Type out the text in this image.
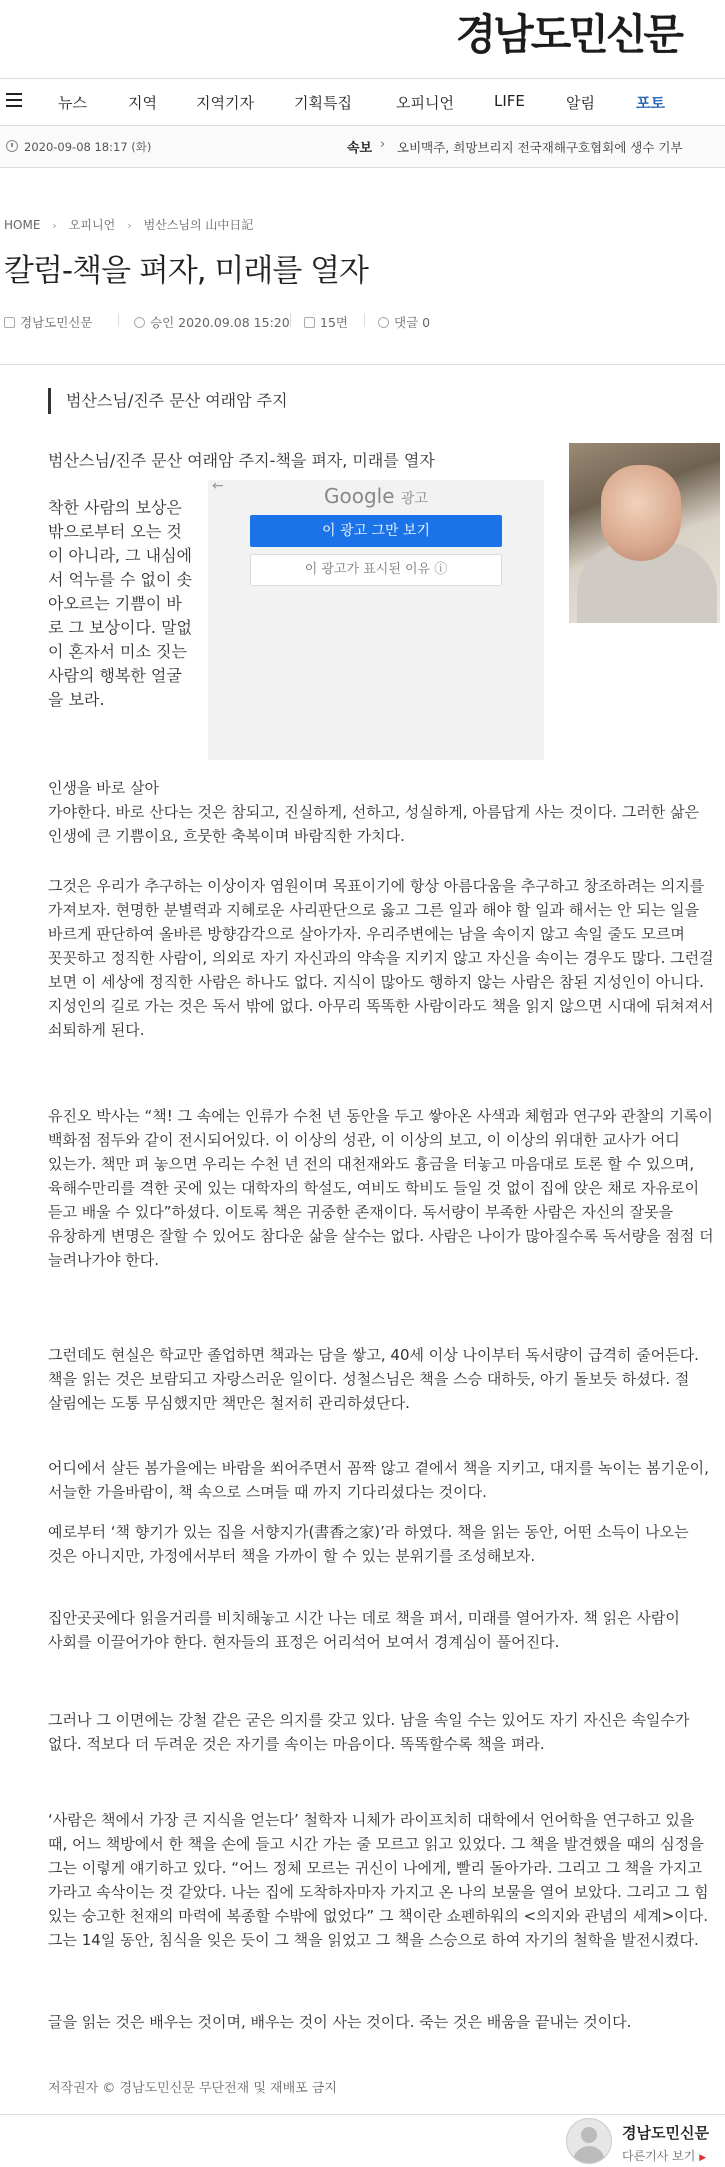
경남도민신문
뉴스	지역	지역기자	기획특집	오피니언	LIFE	알림	포토
2020-09-08 18:17 (화)	속보 › 오비맥주, 희망브리지 전국재해구호협회에 생수 기부
HOME › 오피니언 › 범산스님의 山中日記
칼럼-책을 펴자, 미래를 열자
경남도민신문	승인 2020.09.08 15:20	15면	댓글 0
범산스님/진주 문산 여래암 주지
범산스님/진주 문산 여래암 주지-책을 펴자, 미래를 열자
착한 사람의 보상은 밖으로부터 오는 것이 아니라, 그 내심에서 억누를 수 없이 솟아오르는 기쁨이 바로 그 보상이다. 말없이 혼자서 미소 짓는 사람의 행복한 얼굴을 보라.
←	Google 광고
이 광고 그만 보기
이 광고가 표시된 이유 ⓘ
인생을 바로 살아
가야한다. 바로 산다는 것은 참되고, 진실하게, 선하고, 성실하게, 아름답게 사는 것이다. 그러한 삶은 인생에 큰 기쁨이요, 흐뭇한 축복이며 바람직한 가치다.
그것은 우리가 추구하는 이상이자 염원이며 목표이기에 항상 아름다움을 추구하고 창조하려는 의지를 가져보자. 현명한 분별력과 지혜로운 사리판단으로 옳고 그른 일과 해야 할 일과 해서는 안 되는 일을 바르게 판단하여 올바른 방향감각으로 살아가자. 우리주변에는 남을 속이지 않고 속일 줄도 모르며 꼿꼿하고 정직한 사람이, 의외로 자기 자신과의 약속을 지키지 않고 자신을 속이는 경우도 많다. 그런걸 보면 이 세상에 정직한 사람은 하나도 없다. 지식이 많아도 행하지 않는 사람은 참된 지성인이 아니다. 지성인의 길로 가는 것은 독서 밖에 없다. 아무리 똑똑한 사람이라도 책을 읽지 않으면 시대에 뒤쳐져서 쇠퇴하게 된다.
유진오 박사는 “책! 그 속에는 인류가 수천 년 동안을 두고 쌓아온 사색과 체험과 연구와 관찰의 기록이 백화점 점두와 같이 전시되어있다. 이 이상의 성관, 이 이상의 보고, 이 이상의 위대한 교사가 어디 있는가. 책만 펴 놓으면 우리는 수천 년 전의 대천재와도 흉금을 터놓고 마음대로 토론 할 수 있으며, 육해수만리를 격한 곳에 있는 대학자의 학설도, 여비도 학비도 들일 것 없이 집에 앉은 채로 자유로이 듣고 배울 수 있다”하셨다. 이토록 책은 귀중한 존재이다. 독서량이 부족한 사람은 자신의 잘못을 유창하게 변명은 잘할 수 있어도 참다운 삶을 살수는 없다. 사람은 나이가 많아질수록 독서량을 점점 더 늘려나가야 한다.
그런데도 현실은 학교만 졸업하면 책과는 담을 쌓고, 40세 이상 나이부터 독서량이 급격히 줄어든다. 책을 읽는 것은 보람되고 자랑스러운 일이다. 성철스님은 책을 스승 대하듯, 아기 돌보듯 하셨다. 절 살림에는 도통 무심했지만 책만은 철저히 관리하셨단다.
어디에서 살든 봄가을에는 바람을 쐬어주면서 꼼짝 않고 곁에서 책을 지키고, 대지를 녹이는 봄기운이, 서늘한 가을바람이, 책 속으로 스며들 때 까지 기다리셨다는 것이다.
예로부터 ‘책 향기가 있는 집을 서향지가(書香之家)’라 하였다. 책을 읽는 동안, 어떤 소득이 나오는 것은 아니지만, 가정에서부터 책을 가까이 할 수 있는 분위기를 조성해보자.
집안곳곳에다 읽을거리를 비치해놓고 시간 나는 데로 책을 펴서, 미래를 열어가자. 책 읽은 사람이 사회를 이끌어가야 한다. 현자들의 표정은 어리석어 보여서 경계심이 풀어진다.
그러나 그 이면에는 강철 같은 굳은 의지를 갖고 있다. 남을 속일 수는 있어도 자기 자신은 속일수가 없다. 적보다 더 두려운 것은 자기를 속이는 마음이다. 똑똑할수록 책을 펴라.
‘사람은 책에서 가장 큰 지식을 얻는다’ 철학자 니체가 라이프치히 대학에서 언어학을 연구하고 있을 때, 어느 책방에서 한 책을 손에 들고 시간 가는 줄 모르고 읽고 있었다. 그 책을 발견했을 때의 심정을 그는 이렇게 얘기하고 있다. “어느 정체 모르는 귀신이 나에게, 빨리 돌아가라. 그리고 그 책을 가지고 가라고 속삭이는 것 같았다. 나는 집에 도착하자마자 가지고 온 나의 보물을 열어 보았다. 그리고 그 힘 있는 숭고한 천재의 마력에 복종할 수밖에 없었다” 그 책이란 쇼펜하워의 <의지와 관념의 세계>이다. 그는 14일 동안, 침식을 잊은 듯이 그 책을 읽었고 그 책을 스승으로 하여 자기의 철학을 발전시켰다.
글을 읽는 것은 배우는 것이며, 배우는 것이 사는 것이다. 죽는 것은 배움을 끝내는 것이다.
저작권자 © 경남도민신문 무단전재 및 재배포 금지
경남도민신문
다른기사 보기 ▶
